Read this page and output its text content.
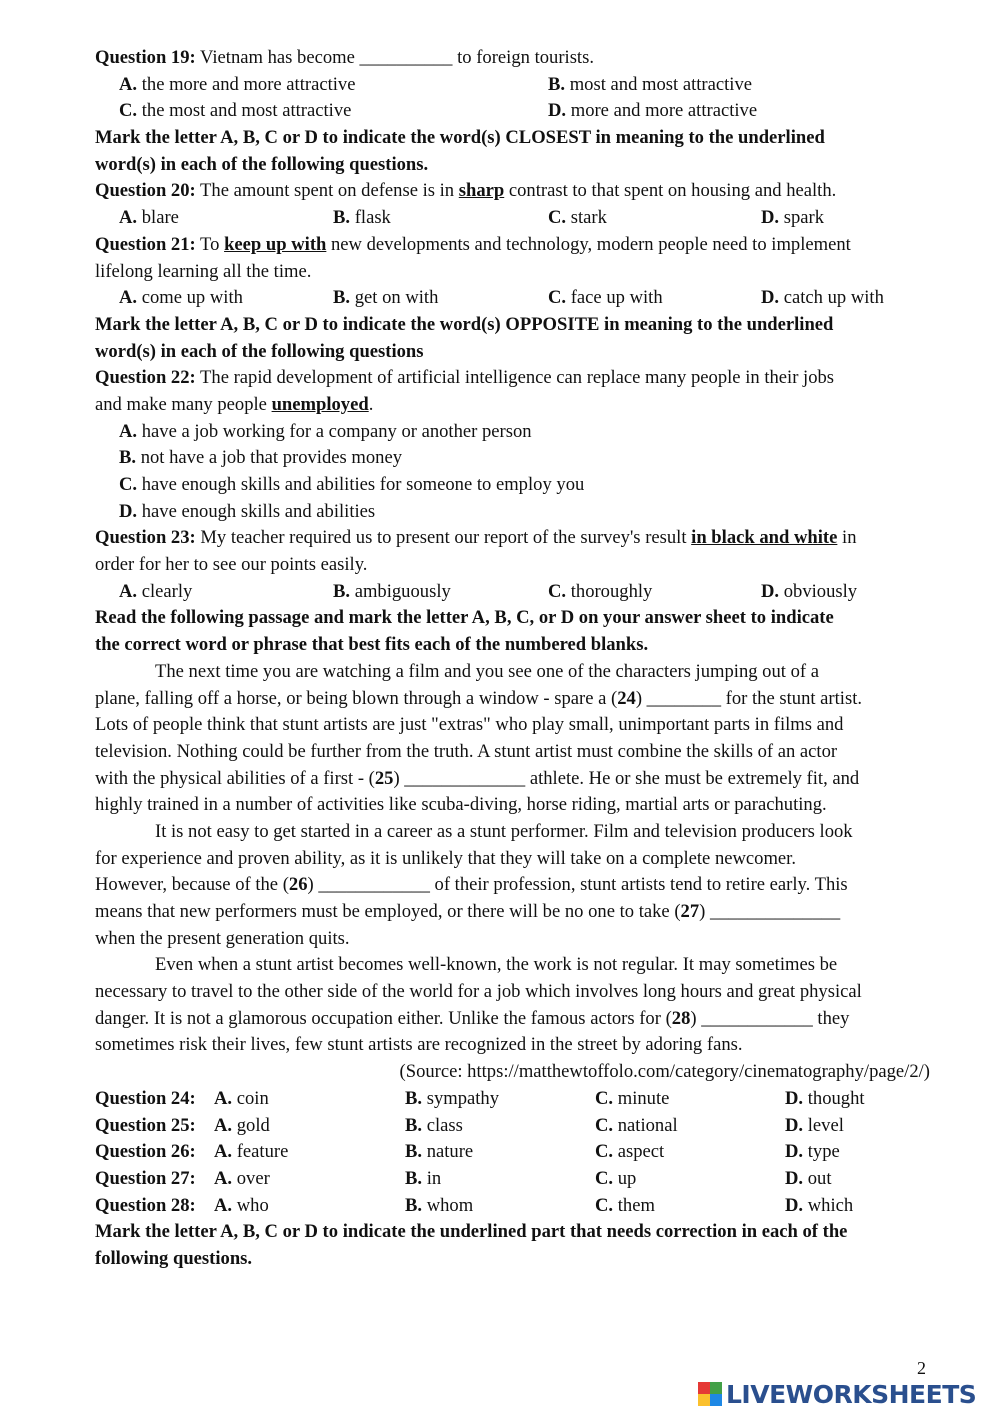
Question 19: Vietnam has become __________ to foreign tourists.
A. the more and more attractive	B. most and most attractive
C. the most and most attractive	D. more and more attractive
Mark the letter A, B, C or D to indicate the word(s) CLOSEST in meaning to the underlined
word(s) in each of the following questions.
Question 20: The amount spent on defense is in sharp contrast to that spent on housing and health.
A. blare	B. flask	C. stark	D. spark
Question 21: To keep up with new developments and technology, modern people need to implement
lifelong learning all the time.
A. come up with	B. get on with	C. face up with	D. catch up with
Mark the letter A, B, C or D to indicate the word(s) OPPOSITE in meaning to the underlined
word(s) in each of the following questions
Question 22: The rapid development of artificial intelligence can replace many people in their jobs
and make many people unemployed.
A. have a job working for a company or another person
B. not have a job that provides money
C. have enough skills and abilities for someone to employ you
D. have enough skills and abilities
Question 23: My teacher required us to present our report of the survey's result in black and white in
order for her to see our points easily.
A. clearly	B. ambiguously	C. thoroughly	D. obviously
Read the following passage and mark the letter A, B, C, or D on your answer sheet to indicate
the correct word or phrase that best fits each of the numbered blanks.
The next time you are watching a film and you see one of the characters jumping out of a
plane, falling off a horse, or being blown through a window - spare a (24) ________ for the stunt artist.
Lots of people think that stunt artists are just "extras" who play small, unimportant parts in films and
television. Nothing could be further from the truth. A stunt artist must combine the skills of an actor
with the physical abilities of a first - (25) _____________ athlete. He or she must be extremely fit, and
highly trained in a number of activities like scuba-diving, horse riding, martial arts or parachuting.
It is not easy to get started in a career as a stunt performer. Film and television producers look
for experience and proven ability, as it is unlikely that they will take on a complete newcomer.
However, because of the (26) ____________ of their profession, stunt artists tend to retire early. This
means that new performers must be employed, or there will be no one to take (27) ______________
when the present generation quits.
Even when a stunt artist becomes well-known, the work is not regular. It may sometimes be
necessary to travel to the other side of the world for a job which involves long hours and great physical
danger. It is not a glamorous occupation either. Unlike the famous actors for (28) ____________ they
sometimes risk their lives, few stunt artists are recognized in the street by adoring fans.
(Source: https://matthewtoffolo.com/category/cinematography/page/2/)
Question 24: A. coin	B. sympathy	C. minute	D. thought
Question 25: A. gold	B. class	C. national	D. level
Question 26: A. feature	B. nature	C. aspect	D. type
Question 27: A. over	B. in	C. up	D. out
Question 28: A. who	B. whom	C. them	D. which
Mark the letter A, B, C or D to indicate the underlined part that needs correction in each of the
following questions.
2
LIVEWORKSHEETS
